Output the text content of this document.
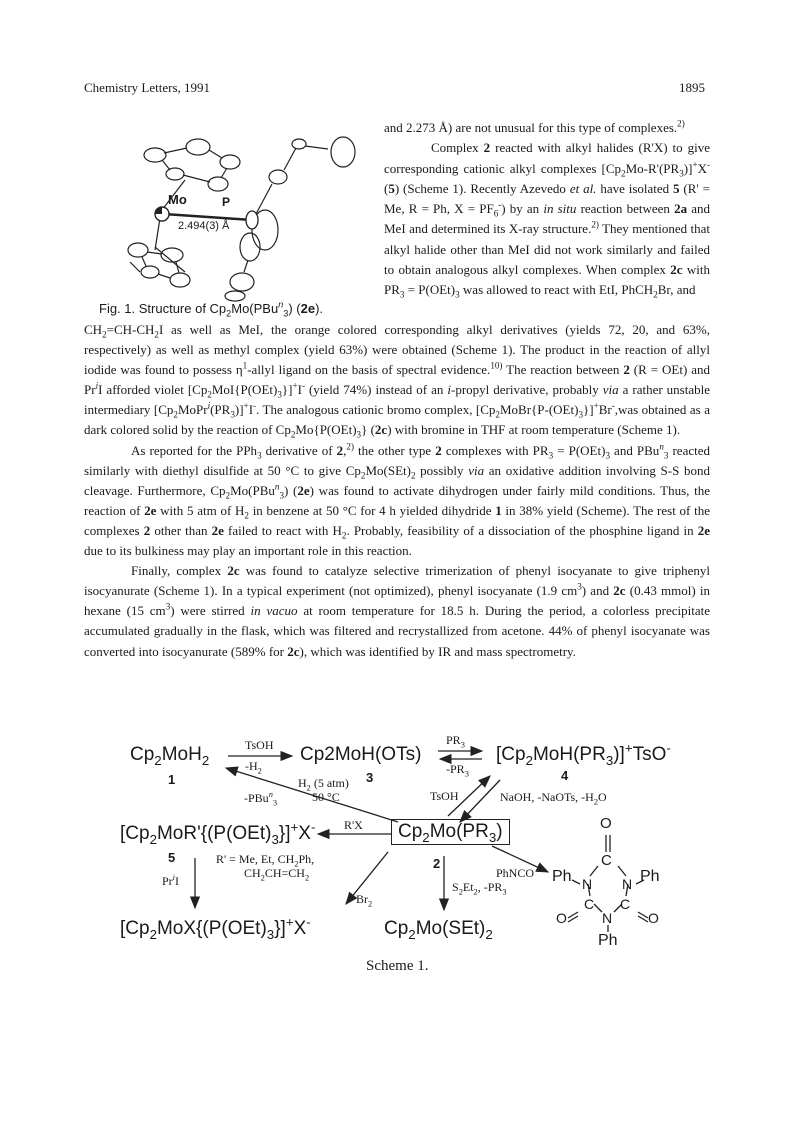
Chemistry Letters, 1991	1895
Mo	P
2.494(3) Å
Fig. 1. Structure of $Cp_2Mo(PBu^n_3)$ (2e).

and 2.273 Å) are not unusual for this type of complexes.$^{2)}$

Complex 2 reacted with alkyl halides (R'X) to give corresponding cationic alkyl complexes $[Cp_2Mo-R'(PR_3)]^+X^-$ (5) (Scheme 1). Recently Azevedo et al. have isolated 5 (R' = Me, R = Ph, $X = PF_6^-$) by an in situ reaction between 2a and MeI and determined its X-ray structure.$^{2)}$ They mentioned that alkyl halide other than MeI did not work similarly and failed to obtain analogous alkyl complexes. When complex 2c with $PR_3 = P(OEt)_3$ was allowed to react with EtI, PhCH$_2$Br, and

$CH_2=CH-CH_2I$ as well as MeI, the orange colored corresponding alkyl derivatives (yields 72, 20, and 63%, respectively) as well as methyl complex (yield 63%) were obtained (Scheme 1). The product in the reaction of allyl iodide was found to possess $\eta^1$-allyl ligand on the basis of spectral evidence.$^{10)}$ The reaction between 2 (R = OEt) and Pr$^i$I afforded violet $[Cp_2MoI\{P(OEt)_3\}]^+I^-$ (yield 74%) instead of an i-propyl derivative, probably via a rather unstable intermediary $[Cp_2MoPr^i(PR_3)]^+I^-$. The analogous cationic bromo complex, $[Cp_2MoBr\{P-(OEt)_3\}]^+Br^-,was$ obtained as a dark colored solid by the reaction of $Cp_2Mo\{P(OEt)_3\}$ (2c) with bromine in THF at room temperature (Scheme 1).

As reported for the PPh$_3$ derivative of 2,$^{2)}$ the other type 2 complexes with $PR_3 = P(OEt)_3$ and PBu$^n_3$ reacted similarly with diethyl disulfide at 50 °C to give $Cp_2Mo(SEt)_2$ possibly via an oxidative addition involving S-S bond cleavage. Furthermore, $Cp_2Mo(PBu^n_3)$ (2e) was found to activate dihydrogen under fairly mild conditions. Thus, the reaction of 2e with 5 atm of $H_2$ in benzene at 50 °C for 4 h yielded dihydride 1 in 38% yield (Scheme). The rest of the complexes 2 other than 2e failed to react with $H_2$. Probably, feasibility of a dissociation of the phosphine ligand in 2e due to its bulkiness may play an important role in this reaction.

Finally, complex 2c was found to catalyze selective trimerization of phenyl isocyanate to give triphenyl isocyanurate (Scheme 1). In a typical experiment (not optimized), phenyl isocyanate (1.9 $cm^3$) and 2c (0.43 mmol) in hexane (15 $cm^3$) were stirred in vacuo at room temperature for 18.5 h. During the period, a colorless precipitate accumulated gradually in the flask, which was filtered and recrystallized from acetone. 44% of phenyl isocyanate was converted into isocyanurate (589% for 2c), which was identified by IR and mass spectrometry.

$Cp_2MoH_2$
1
TsOH
$-H_2$
Cp2MoH(OTs)
3
$PR_3$
$-PR_3$
$[Cp_2MoH(PR_3)]^+TsO^-$
4
$H_2$ (5 atm)
50 °C
-PBu$^n_3$	TsOH	NaOH, -NaOTs, $-H_2O$
[$Cp_2MoR'\{(P(OEt)_3\}]^+X^-$
5
R'X	$Cp_2Mo(PR_3)$
2
R' = Me, Et, $CH_2Ph$,
$CH_2CH=CH_2$
Pr$^i$I
$Br_2$
$S_2Et_2$, $-PR_3$
PhNCO
[$Cp_2MoX\{(P(OEt)_3\}]^+X^-$	$Cp_2Mo(SEt)_2$
O
C
Ph N N Ph
C C
N
O	O
Ph
Scheme 1.
